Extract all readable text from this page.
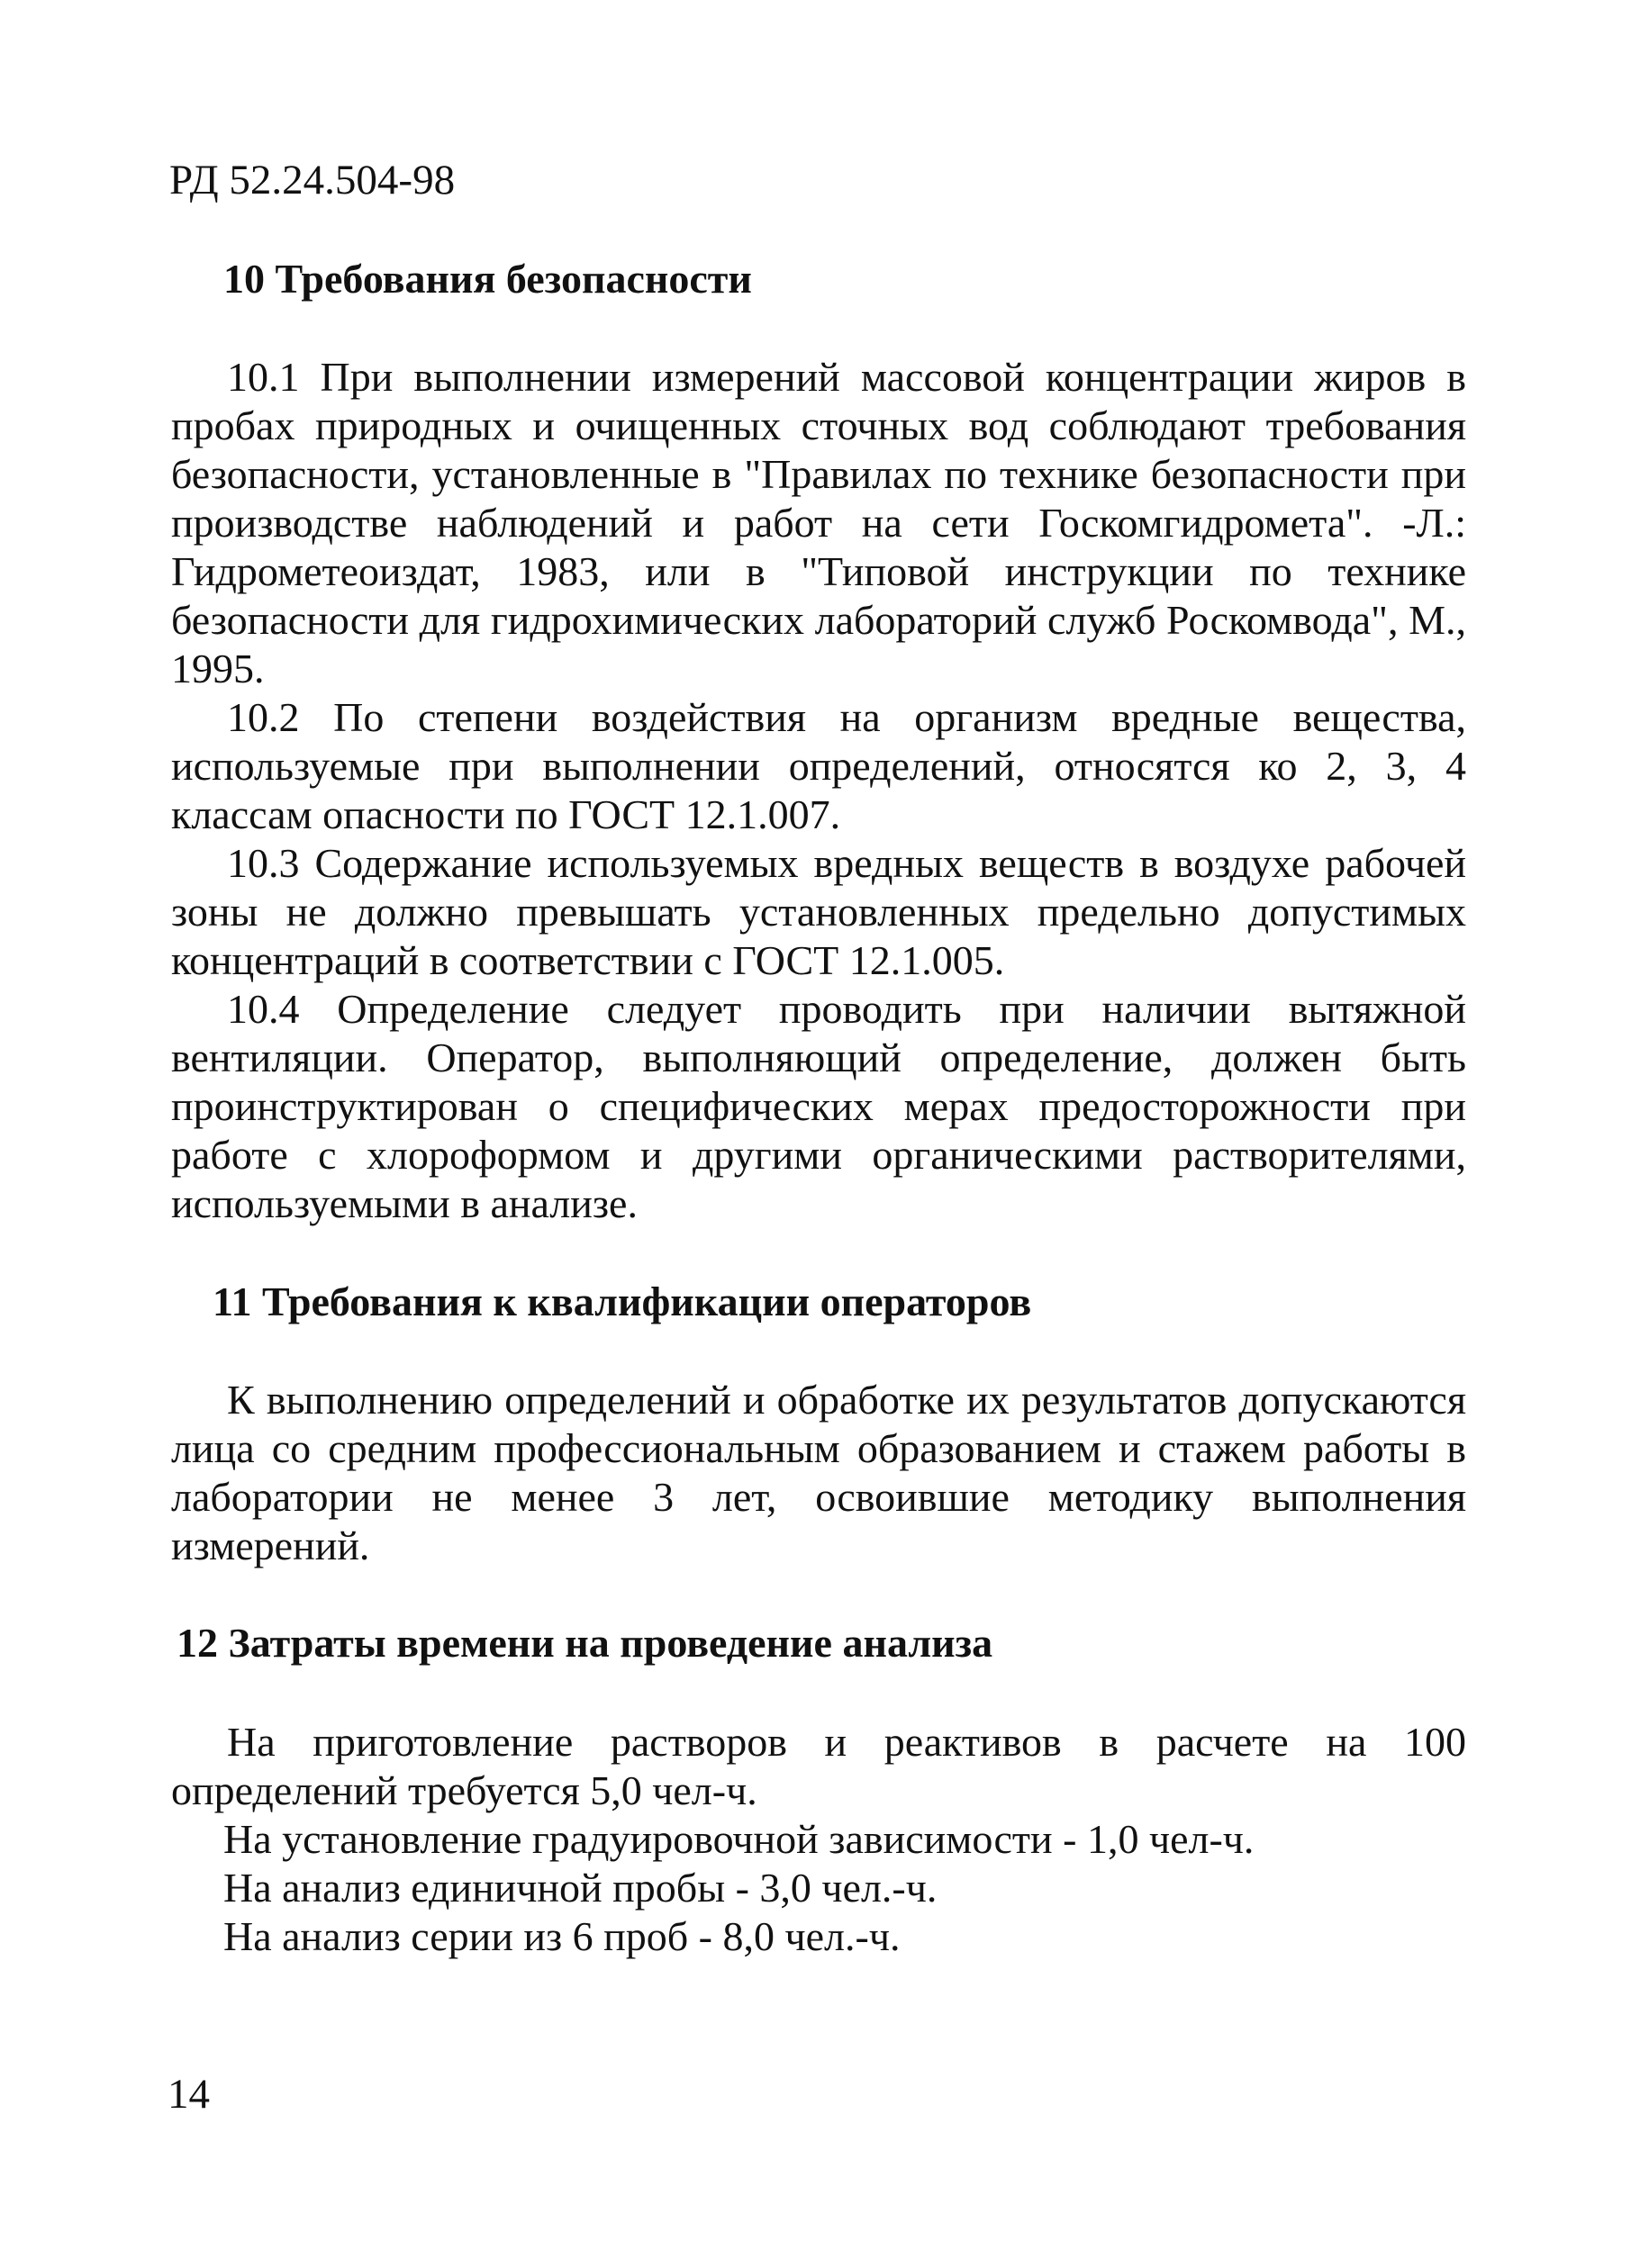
РД 52.24.504-98
10 Требования безопасности
10.1 При выполнении измерений массовой концентрации жиров в пробах природных и очищенных сточных вод соблюдают требования безопасности, установленные в "Правилах по технике безопасности при производстве наблюдений и работ на сети Госкомгидромета". -Л.: Гидрометеоиздат, 1983, или в "Типовой инструкции по технике безопасности для гидрохимических лабораторий служб Роскомвода", М., 1995.
10.2 По степени воздействия на организм вредные вещества, используемые при выполнении определений, относятся ко 2, 3, 4 классам опасности по ГОСТ 12.1.007.
10.3 Содержание используемых вредных веществ в воздухе рабочей зоны не должно превышать установленных предельно допустимых концентраций в соответствии с ГОСТ 12.1.005.
10.4 Определение следует проводить при наличии вытяжной вентиляции. Оператор, выполняющий определение, должен быть проинструктирован о специфических мерах предосторожности при работе с хлороформом и другими органическими растворителями, используемыми в анализе.
11 Требования к квалификации операторов
К выполнению определений и обработке их результатов допускаются лица со средним профессиональным образованием и стажем работы в лаборатории не менее 3 лет, освоившие методику выполнения измерений.
12 Затраты времени на проведение анализа
На приготовление растворов и реактивов в расчете на 100 определений требуется 5,0 чел-ч.
На установление градуировочной зависимости - 1,0 чел-ч.
На анализ единичной пробы - 3,0 чел.-ч.
На анализ серии из 6 проб - 8,0 чел.-ч.
14
